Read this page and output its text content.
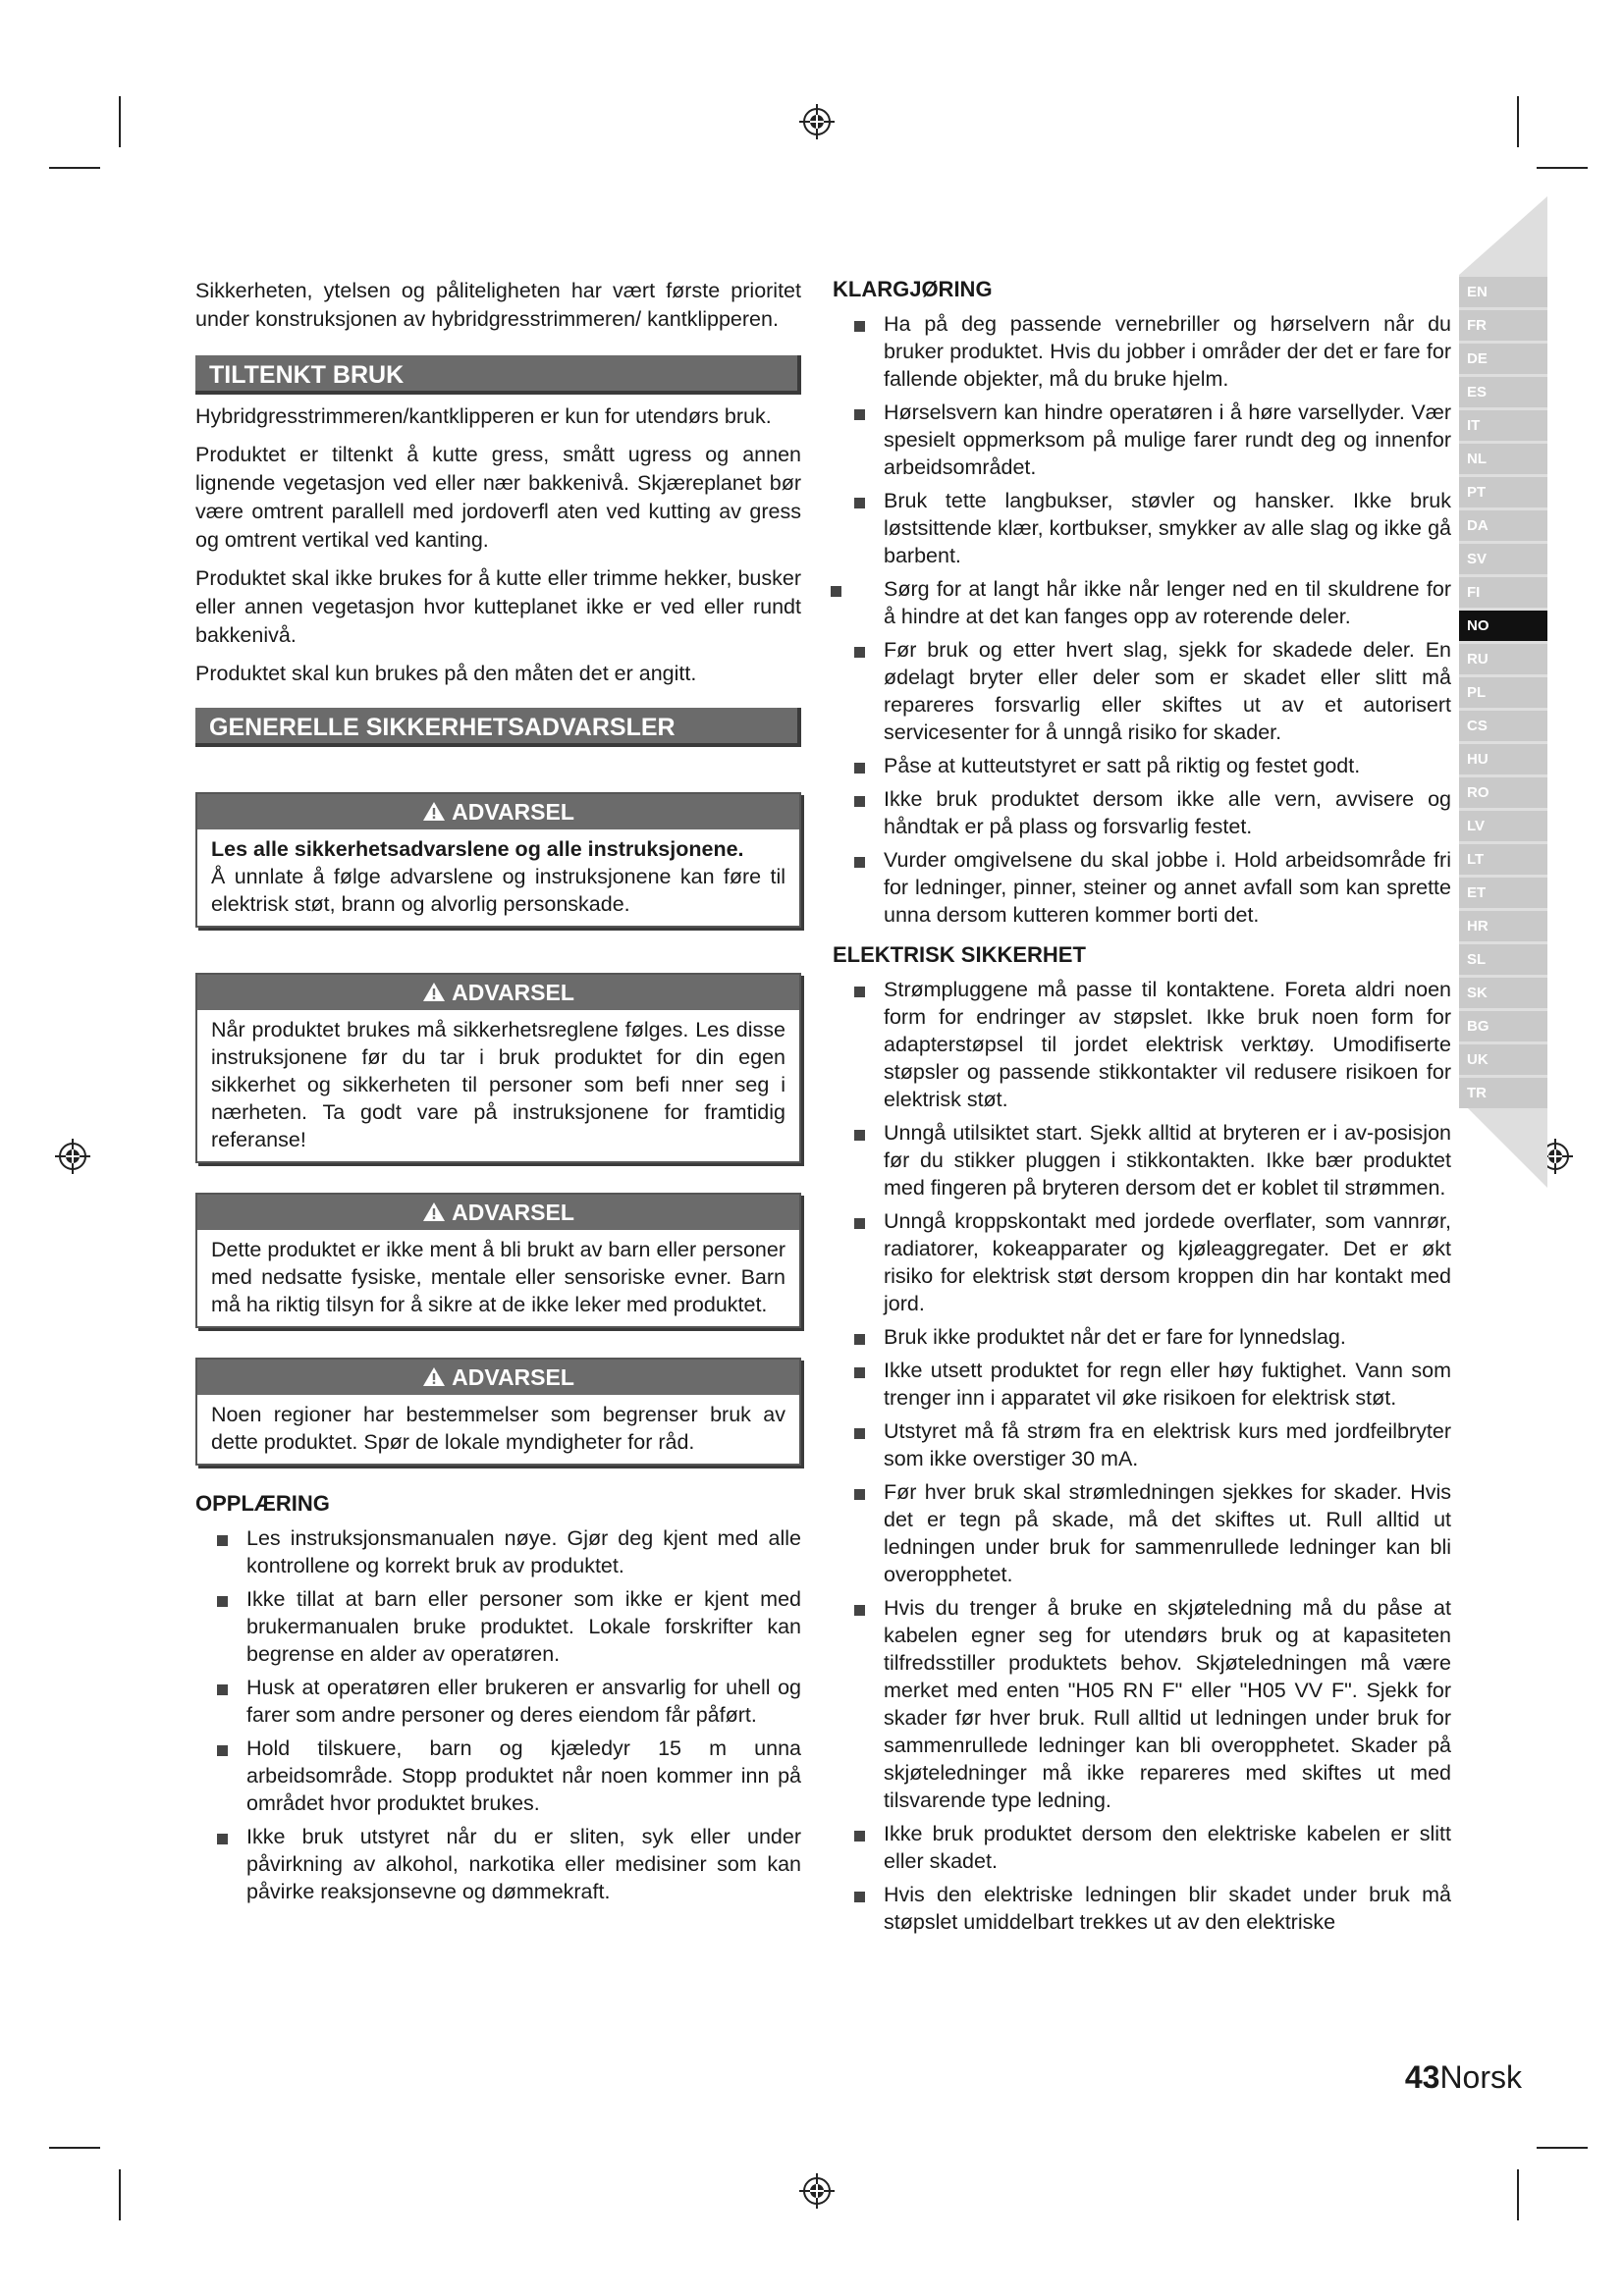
Sikkerheten, ytelsen og påliteligheten har vært første prioritet under konstruksjonen av hybridgresstrimmeren/ kantklipperen.

TILTENKT BRUK

Hybridgresstrimmeren/kantklipperen er kun for utendørs bruk.

Produktet er tiltenkt å kutte gress, smått ugress og annen lignende vegetasjon ved eller nær bakkenivå. Skjæreplanet bør være omtrent parallell med jordoverfl aten ved kutting av gress og omtrent vertikal ved kanting.

Produktet skal ikke brukes for å kutte eller trimme hekker, busker eller annen vegetasjon hvor kutteplanet ikke er ved eller rundt bakkenivå.

Produktet skal kun brukes på den måten det er angitt.

GENERELLE SIKKERHETSADVARSLER
ADVARSEL
Les alle sikkerhetsadvarslene og alle instruksjonene.
Å unnlate å følge advarslene og instruksjonene kan føre til elektrisk støt, brann og alvorlig personskade.
ADVARSEL
Når produktet brukes må sikkerhetsreglene følges. Les disse instruksjonene før du tar i bruk produktet for din egen sikkerhet og sikkerheten til personer som befi nner seg i nærheten. Ta godt vare på instruksjonene for framtidig referanse!
ADVARSEL
Dette produktet er ikke ment å bli brukt av barn eller personer med nedsatte fysiske, mentale eller sensoriske evner. Barn må ha riktig tilsyn for å sikre at de ikke leker med produktet.
ADVARSEL
Noen regioner har bestemmelser som begrenser bruk av dette produktet. Spør de lokale myndigheter for råd.
OPPLÆRING
Les instruksjonsmanualen nøye. Gjør deg kjent med alle kontrollene og korrekt bruk av produktet.
Ikke tillat at barn eller personer som ikke er kjent med brukermanualen bruke produktet. Lokale forskrifter kan begrense en alder av operatøren.
Husk at operatøren eller brukeren er ansvarlig for uhell og farer som andre personer og deres eiendom får påført.
Hold tilskuere, barn og kjæledyr 15 m unna arbeidsområde. Stopp produktet når noen kommer inn på området hvor produktet brukes.
Ikke bruk utstyret når du er sliten, syk eller under påvirkning av alkohol, narkotika eller medisiner som kan påvirke reaksjonsevne og dømmekraft.
KLARGJØRING
Ha på deg passende vernebriller og hørselvern når du bruker produktet. Hvis du jobber i områder der det er fare for fallende objekter, må du bruke hjelm.
Hørselsvern kan hindre operatøren i å høre varsellyder. Vær spesielt oppmerksom på mulige farer rundt deg og innenfor arbeidsområdet.
Bruk tette langbukser, støvler og hansker. Ikke bruk løstsittende klær, kortbukser, smykker av alle slag og ikke gå barbent.
Sørg for at langt hår ikke når lenger ned en til skuldrene for å hindre at det kan fanges opp av roterende deler.
Før bruk og etter hvert slag, sjekk for skadede deler. En ødelagt bryter eller deler som er skadet eller slitt må repareres forsvarlig eller skiftes ut av et autorisert servicesenter for å unngå risiko for skader.
Påse at kutteutstyret er satt på riktig og festet godt.
Ikke bruk produktet dersom ikke alle vern, avvisere og håndtak er på plass og forsvarlig festet.
Vurder omgivelsene du skal jobbe i. Hold arbeidsområde fri for ledninger, pinner, steiner og annet avfall som kan sprette unna dersom kutteren kommer borti det.
ELEKTRISK SIKKERHET
Strømpluggene må passe til kontaktene. Foreta aldri noen form for endringer av støpslet. Ikke bruk noen form for adapterstøpsel til jordet elektrisk verktøy. Umodifiserte støpsler og passende stikkontakter vil redusere risikoen for elektrisk støt.
Unngå utilsiktet start. Sjekk alltid at bryteren er i av-posisjon før du stikker pluggen i stikkontakten. Ikke bær produktet med fingeren på bryteren dersom det er koblet til strømmen.
Unngå kroppskontakt med jordede overflater, som vannrør, radiatorer, kokeapparater og kjøleaggregater. Det er økt risiko for elektrisk støt dersom kroppen din har kontakt med jord.
Bruk ikke produktet når det er fare for lynnedslag.
Ikke utsett produktet for regn eller høy fuktighet. Vann som trenger inn i apparatet vil øke risikoen for elektrisk støt.
Utstyret må få strøm fra en elektrisk kurs med jordfeilbryter som ikke overstiger 30 mA.
Før hver bruk skal strømledningen sjekkes for skader. Hvis det er tegn på skade, må det skiftes ut. Rull alltid ut ledningen under bruk for sammenrullede ledninger kan bli overopphetet.
Hvis du trenger å bruke en skjøteledning må du påse at kabelen egner seg for utendørs bruk og at kapasiteten tilfredsstiller produktets behov. Skjøteledningen må være merket med enten "H05 RN F" eller "H05 VV F". Sjekk for skader før hver bruk. Rull alltid ut ledningen under bruk for sammenrullede ledninger kan bli overopphetet. Skader på skjøteledninger må ikke repareres med skiftes ut med tilsvarende type ledning.
Ikke bruk produktet dersom den elektriske kabelen er slitt eller skadet.
Hvis den elektriske ledningen blir skadet under bruk må støpslet umiddelbart trekkes ut av den elektriske
EN
FR
DE
ES
IT
NL
PT
DA
SV
FI
NO
RU
PL
CS
HU
RO
LV
LT
ET
HR
SL
SK
BG
UK
TR
43Norsk
